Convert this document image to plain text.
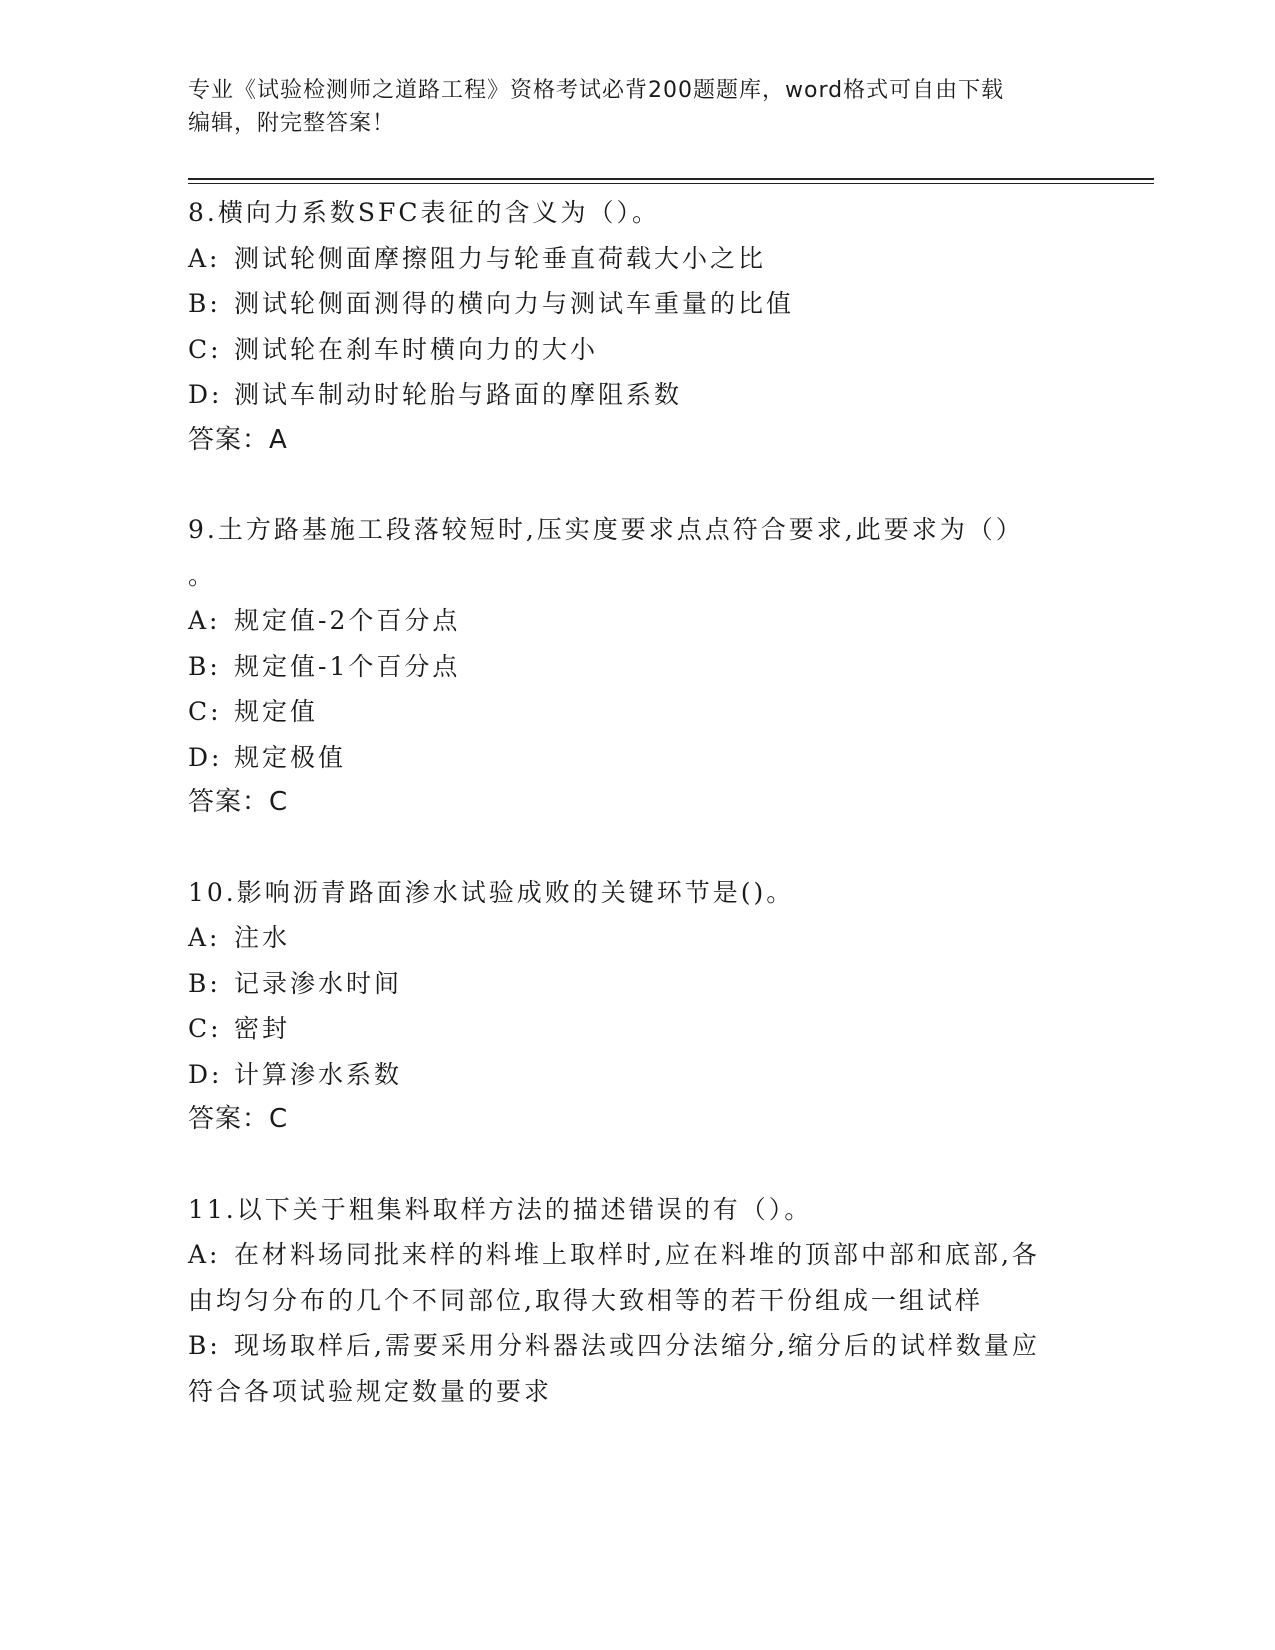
专业《试验检测师之道路工程》资格考试必背200题题库，word格式可自由下载
编辑，附完整答案！
8.横向力系数SFC表征的含义为（）。
A: 测试轮侧面摩擦阻力与轮垂直荷载大小之比
B: 测试轮侧面测得的横向力与测试车重量的比值
C: 测试轮在刹车时横向力的大小
D: 测试车制动时轮胎与路面的摩阻系数
答案：A
9.土方路基施工段落较短时,压实度要求点点符合要求,此要求为（）
。
A: 规定值-2个百分点
B: 规定值-1个百分点
C: 规定值
D: 规定极值
答案：C
10.影响沥青路面渗水试验成败的关键环节是()。
A: 注水
B: 记录渗水时间
C: 密封
D: 计算渗水系数
答案：C
11.以下关于粗集料取样方法的描述错误的有（）。
A: 在材料场同批来样的料堆上取样时,应在料堆的顶部中部和底部,各
由均匀分布的几个不同部位,取得大致相等的若干份组成一组试样
B: 现场取样后,需要采用分料器法或四分法缩分,缩分后的试样数量应
符合各项试验规定数量的要求
